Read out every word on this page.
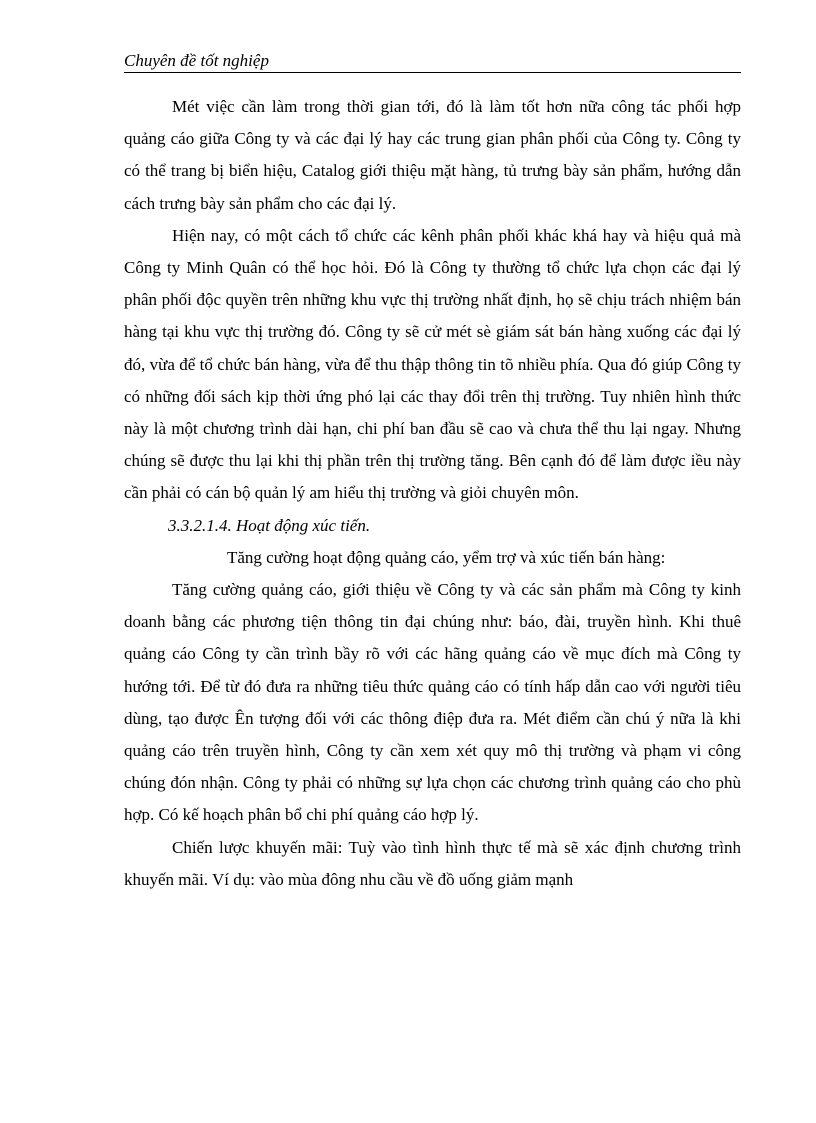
Chuyên đề tốt nghiệp

Mét việc cần làm trong thời gian tới, đó là làm tốt hơn nữa công tác phối hợp quảng cáo giữa Công ty và các đại lý hay các trung gian phân phối của Công ty. Công ty có thể trang bị biển hiệu, Catalog giới thiệu mặt hàng, tủ trưng bày sản phẩm, hướng dẫn cách trưng bày sản phẩm cho các đại lý.

Hiện nay, có một cách tổ chức các kênh phân phối khác khá hay và hiệu quả mà Công ty Minh Quân có thể học hỏi. Đó là Công ty thường tổ chức lựa chọn các đại lý phân phối độc quyền trên những khu vực thị trường nhất định, họ sẽ chịu trách nhiệm bán hàng tại khu vực thị trường đó. Công ty sẽ cử mét sè giám sát bán hàng xuống các đại lý đó, vừa để tổ chức bán hàng, vừa để thu thập thông tin tõ nhiều phía. Qua đó giúp Công ty có những đối sách kịp thời ứng phó lại các thay đổi trên thị trường. Tuy nhiên hình thức này là một chương trình dài hạn, chi phí ban đầu sẽ cao và chưa thể thu lại ngay. Nhưng chúng sẽ được thu lại khi thị phần trên thị trường tăng. Bên cạnh đó để làm được iều này cần phải có cán bộ quản lý am hiểu thị trường và giỏi chuyên môn.

3.3.2.1.4. Hoạt động xúc tiến.

Tăng cường hoạt động quảng cáo, yểm trợ và xúc tiến bán hàng:

Tăng cường quảng cáo, giới thiệu về Công ty và các sản phẩm mà Công ty kinh doanh bằng các phương tiện thông tin đại chúng như: báo, đài, truyền hình. Khi thuê quảng cáo Công ty cần trình bầy rõ với các hãng quảng cáo về mục đích mà Công ty hướng tới. Để từ đó đưa ra những tiêu thức quảng cáo có tính hấp dẫn cao với người tiêu dùng, tạo được Ên tượng đối với các thông điệp đưa ra. Mét điểm cần chú ý nữa là khi quảng cáo trên truyền hình, Công ty cần xem xét quy mô thị trường và phạm vi công chúng đón nhận. Công ty phải có những sự lựa chọn các chương trình quảng cáo cho phù hợp. Có kế hoạch phân bổ chi phí quảng cáo hợp lý.

Chiến lược khuyến mãi: Tuỳ vào tình hình thực tế mà sẽ xác định chương trình khuyến mãi. Ví dụ: vào mùa đông nhu cầu về đồ uống giảm mạnh
